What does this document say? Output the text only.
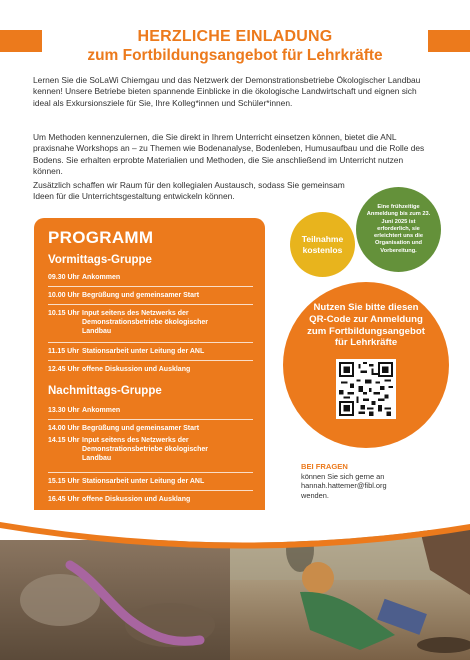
HERZLICHE EINLADUNG
zum Fortbildungsangebot für Lehrkräfte

Lernen Sie die SoLaWi Chiemgau und das Netzwerk der Demonstrationsbetriebe Ökologischer Landbau kennen! Unsere Betriebe bieten spannende Einblicke in die ökologische Landwirtschaft und eignen sich ideal als Exkursionsziele für Sie, Ihre Kolleg*innen und Schüler*innen.

Um Methoden kennenzulernen, die Sie direkt in Ihrem Unterricht einsetzen können, bietet die ANL praxisnahe Workshops an – zu Themen wie Bodenanalyse, Bodenleben, Humusaufbau und die Rolle des Bodens. Sie erhalten erprobte Materialien und Methoden, die Sie anschließend im Unterricht nutzen können.

Zusätzlich schaffen wir Raum für den kollegialen Austausch, sodass Sie gemeinsam Ideen für die Unterrichtsgestaltung entwickeln können.

PROGRAMM
Vormittags-Gruppe
09.30 Uhr Ankommen
10.00 Uhr Begrüßung und gemeinsamer Start
10.15 Uhr Input seitens des Netzwerks der Demonstrationsbetriebe ökologischer Landbau
11.15 Uhr Stationsarbeit unter Leitung der ANL
12.45 Uhr offene Diskussion und Ausklang
Nachmittags-Gruppe
13.30 Uhr Ankommen
14.00 Uhr Begrüßung und gemeinsamer Start
14.15 Uhr Input seitens des Netzwerks der Demonstrationsbetriebe ökologischer Landbau
15.15 Uhr Stationsarbeit unter Leitung der ANL
16.45 Uhr offene Diskussion und Ausklang
Teilnahme kostenlos
Eine frühzeitige Anmeldung bis zum 23. Juni 2025 ist erforderlich, sie erleichtert uns die Organisation und Vorbereitung.
Nutzen Sie bitte diesen QR-Code zur Anmeldung zum Fortbildungsangebot für Lehrkräfte
BEI FRAGEN
können Sie sich gerne an
hannah.hattemer@fibl.org
wenden.
